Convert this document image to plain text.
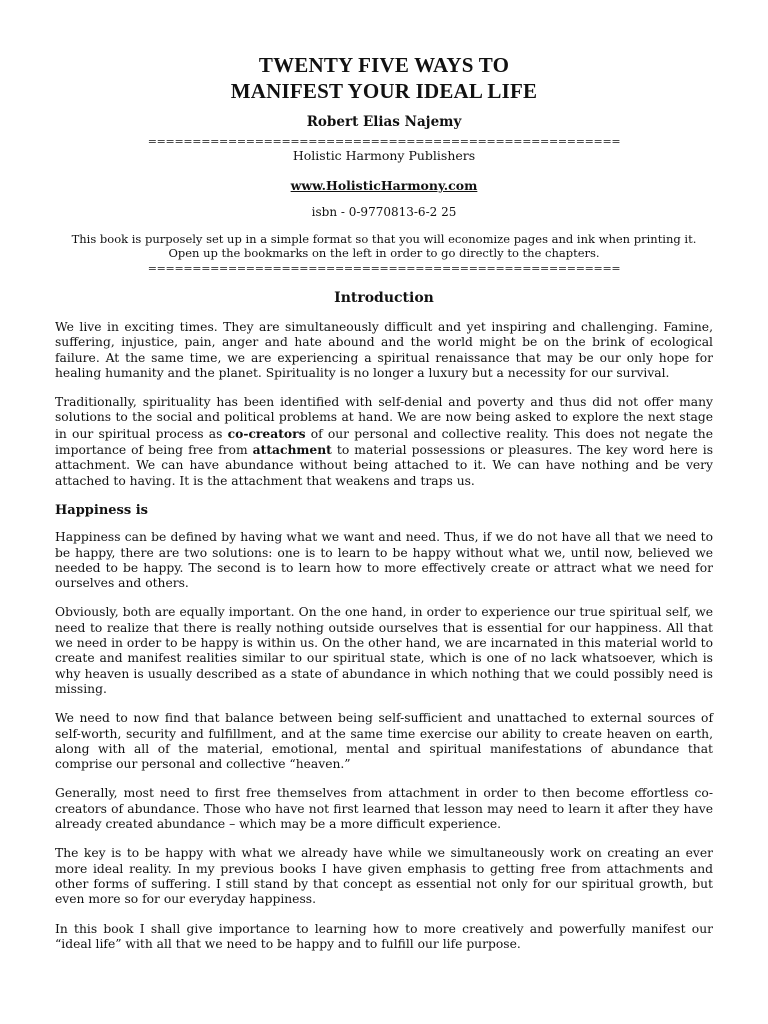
TWENTY FIVE WAYS TO
MANIFEST YOUR IDEAL LIFE
Robert Elias Najemy
=====================================================
Holistic Harmony Publishers
www.HolisticHarmony.com
isbn - 0-9770813-6-2 25
This book is purposely set up in a simple format so that you will economize pages and ink when printing it.
Open up the bookmarks on the left in order to go directly to the chapters.
=====================================================
Introduction

We live in exciting times. They are simultaneously difficult and yet inspiring and challenging. Famine, suffering, injustice, pain, anger and hate abound and the world might be on the brink of ecological failure. At the same time, we are experiencing a spiritual renaissance that may be our only hope for healing humanity and the planet. Spirituality is no longer a luxury but a necessity for our survival.

Traditionally, spirituality has been identified with self-denial and poverty and thus did not offer many solutions to the social and political problems at hand. We are now being asked to explore the next stage in our spiritual process as co-creators of our personal and collective reality. This does not negate the importance of being free from attachment to material possessions or pleasures. The key word here is attachment. We can have abundance without being attached to it. We can have nothing and be very attached to having. It is the attachment that weakens and traps us.

Happiness is

Happiness can be defined by having what we want and need. Thus, if we do not have all that we need to be happy, there are two solutions: one is to learn to be happy without what we, until now, believed we needed to be happy. The second is to learn how to more effectively create or attract what we need for ourselves and others.

Obviously, both are equally important. On the one hand, in order to experience our true spiritual self, we need to realize that there is really nothing outside ourselves that is essential for our happiness. All that we need in order to be happy is within us. On the other hand, we are incarnated in this material world to create and manifest realities similar to our spiritual state, which is one of no lack whatsoever, which is why heaven is usually described as a state of abundance in which nothing that we could possibly need is missing.

We need to now find that balance between being self-sufficient and unattached to external sources of self-worth, security and fulfillment, and at the same time exercise our ability to create heaven on earth, along with all of the material, emotional, mental and spiritual manifestations of abundance that comprise our personal and collective “heaven.”

Generally, most need to first free themselves from attachment in order to then become effortless co-creators of abundance. Those who have not first learned that lesson may need to learn it after they have already created abundance – which may be a more difficult experience.

The key is to be happy with what we already have while we simultaneously work on creating an ever more ideal reality. In my previous books I have given emphasis to getting free from attachments and other forms of suffering. I still stand by that concept as essential not only for our spiritual growth, but even more so for our everyday happiness.

In this book I shall give importance to learning how to more creatively and powerfully manifest our “ideal life” with all that we need to be happy and to fulfill our life purpose.
